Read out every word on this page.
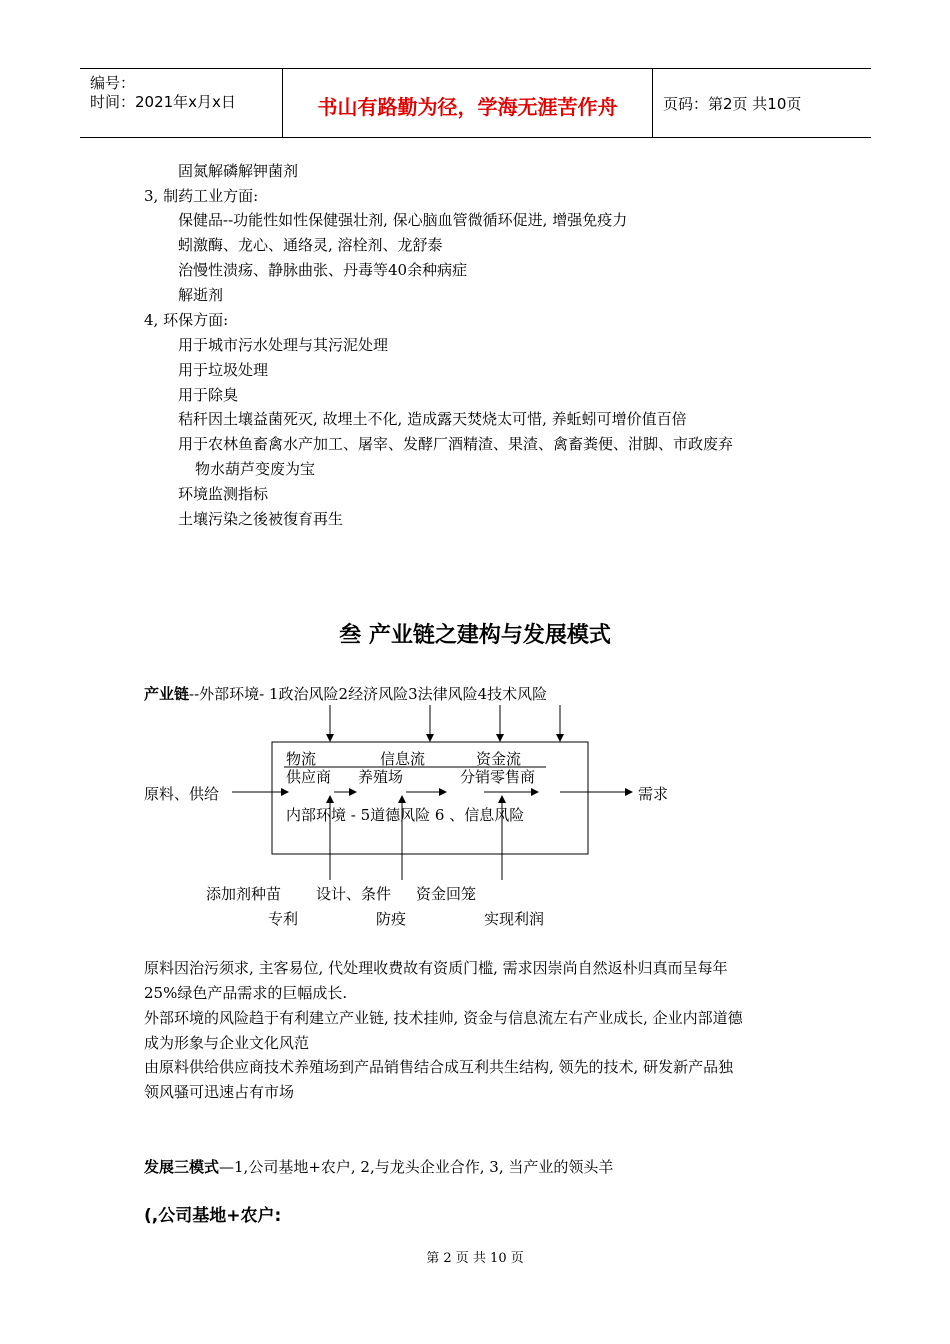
编号：
时间：2021年x月x日	书山有路勤为径，学海无涯苦作舟	页码：第2页 共10页
固氮解磷解钾菌剂
3, 制药工业方面:
保健品--功能性如性保健强壮剂, 保心脑血管微循环促进, 增强免疫力
蚓激酶、龙心、通络灵, 溶栓剂、龙舒泰
治慢性溃疡、静脉曲张、丹毒等40余种病症
解逝剂
4, 环保方面:
用于城市污水处理与其污泥处理
用于垃圾处理
用于除臭
秸秆因土壤益菌死灭, 故埋土不化, 造成露天焚烧太可惜, 养蚯蚓可增价值百倍
用于农林鱼畜禽水产加工、屠宰、发酵厂酒精渣、果渣、禽畜粪便、泔脚、市政废弃
物水葫芦变废为宝
环境监测指标
土壤污染之後被復育再生
叁 产业链之建构与发展模式
产业链--外部环境- 1政治风险2经济风险3法律风险4技术风险
物流	信息流	资金流
供应商 养殖场	分销零售商
原料、供给	需求
内部环境 - 5道德风险 6 、信息风险
添加剂种苗 设计、条件 资金回笼
专利	防疫	实现利润
原料因治污须求, 主客易位, 代处理收费故有资质门槛, 需求因崇尚自然返朴归真而呈每年
25%绿色产品需求的巨幅成长.
外部环境的风险趋于有利建立产业链, 技术挂帅, 资金与信息流左右产业成长, 企业内部道德
成为形象与企业文化风范
由原料供给供应商技术养殖场到产品销售结合成互利共生结构, 领先的技术, 研发新产品独
领风骚可迅速占有市场
发展三模式—1,公司基地+农户, 2,与龙头企业合作, 3, 当产业的领头羊
(,公司基地+农户:
第 2 页 共 10 页
